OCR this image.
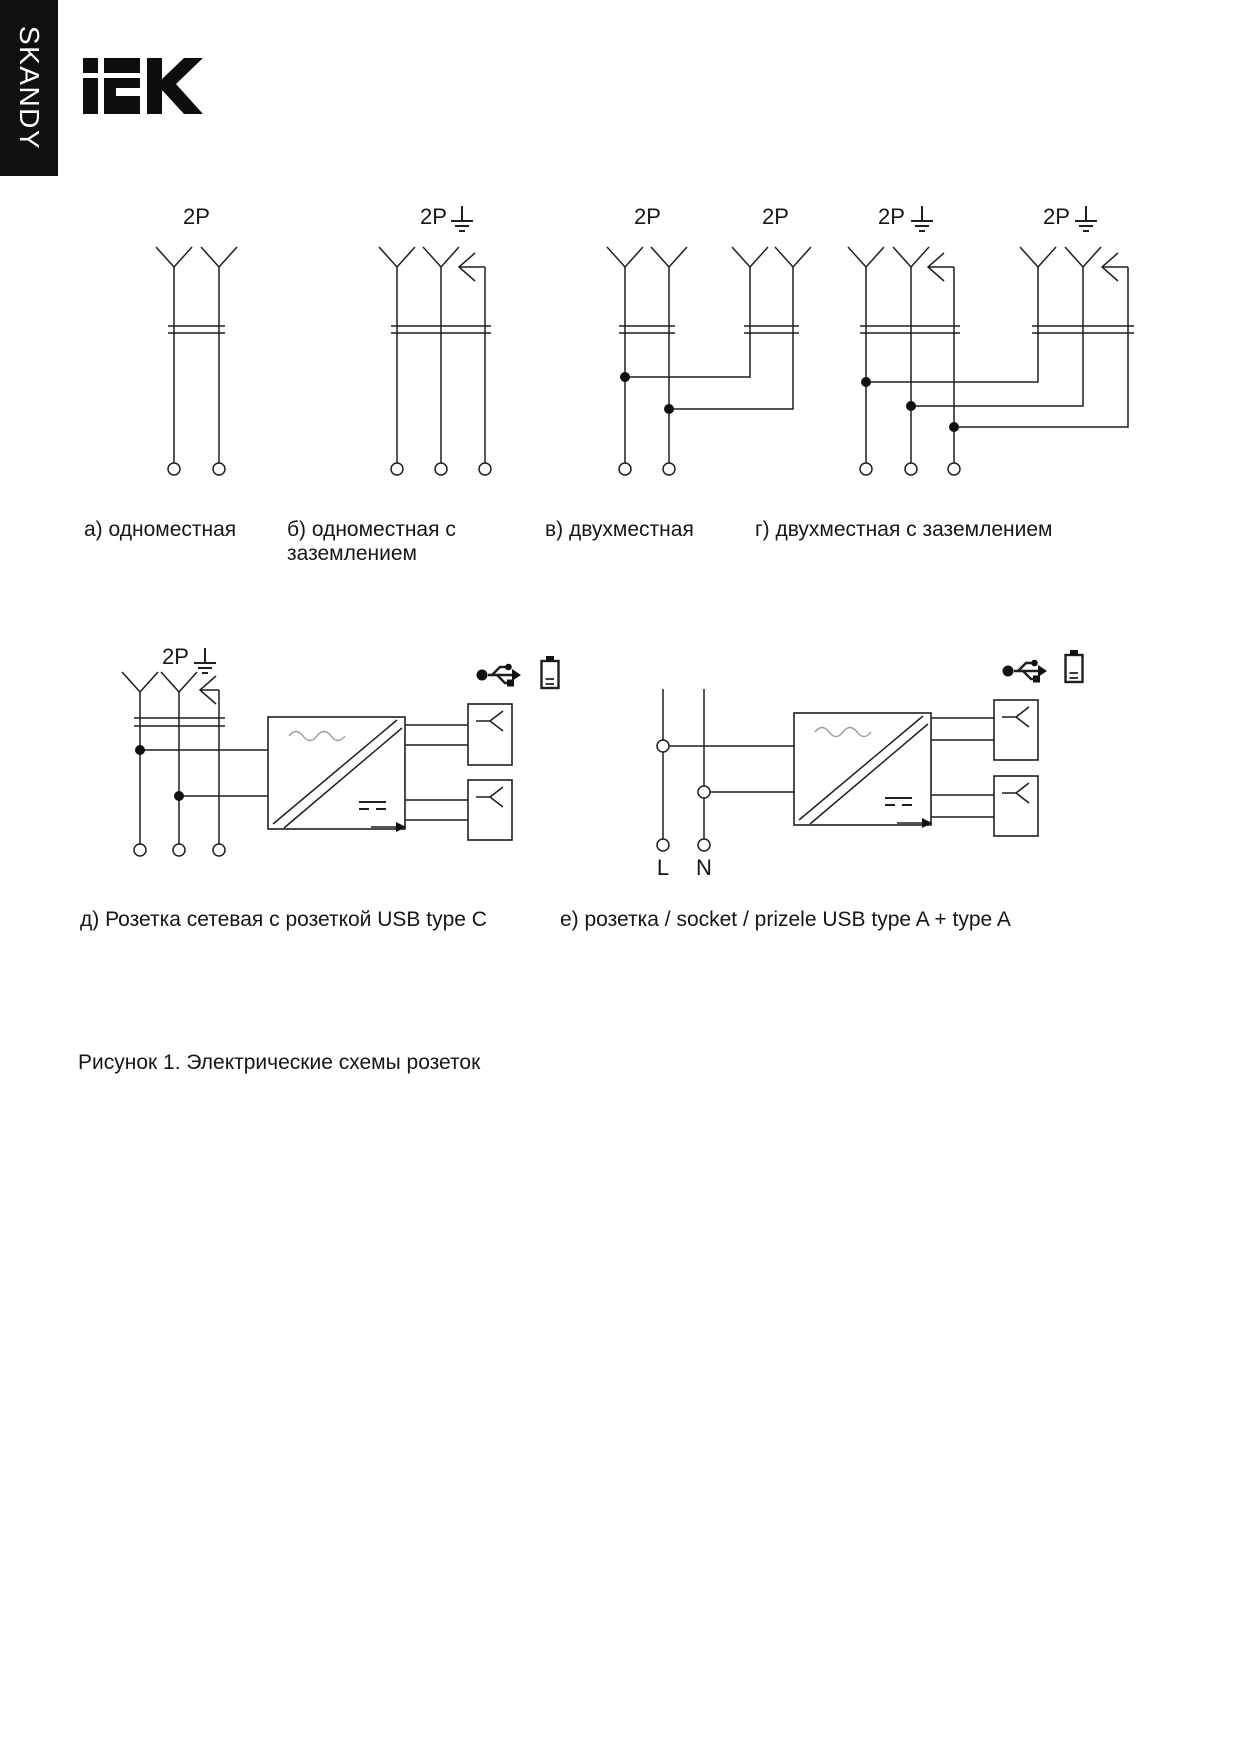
SKANDY
2P	2P	2P	2P	2P	2P
2P
а) одноместная б) одноместная с заземлением
в) двухместная	г) двухместная с заземлением
д) Розетка сетевая с розеткой USB type C	е) розетка / socket / prizele USB type A + type A
L	N
Рисунок 1. Электрические схемы розеток
